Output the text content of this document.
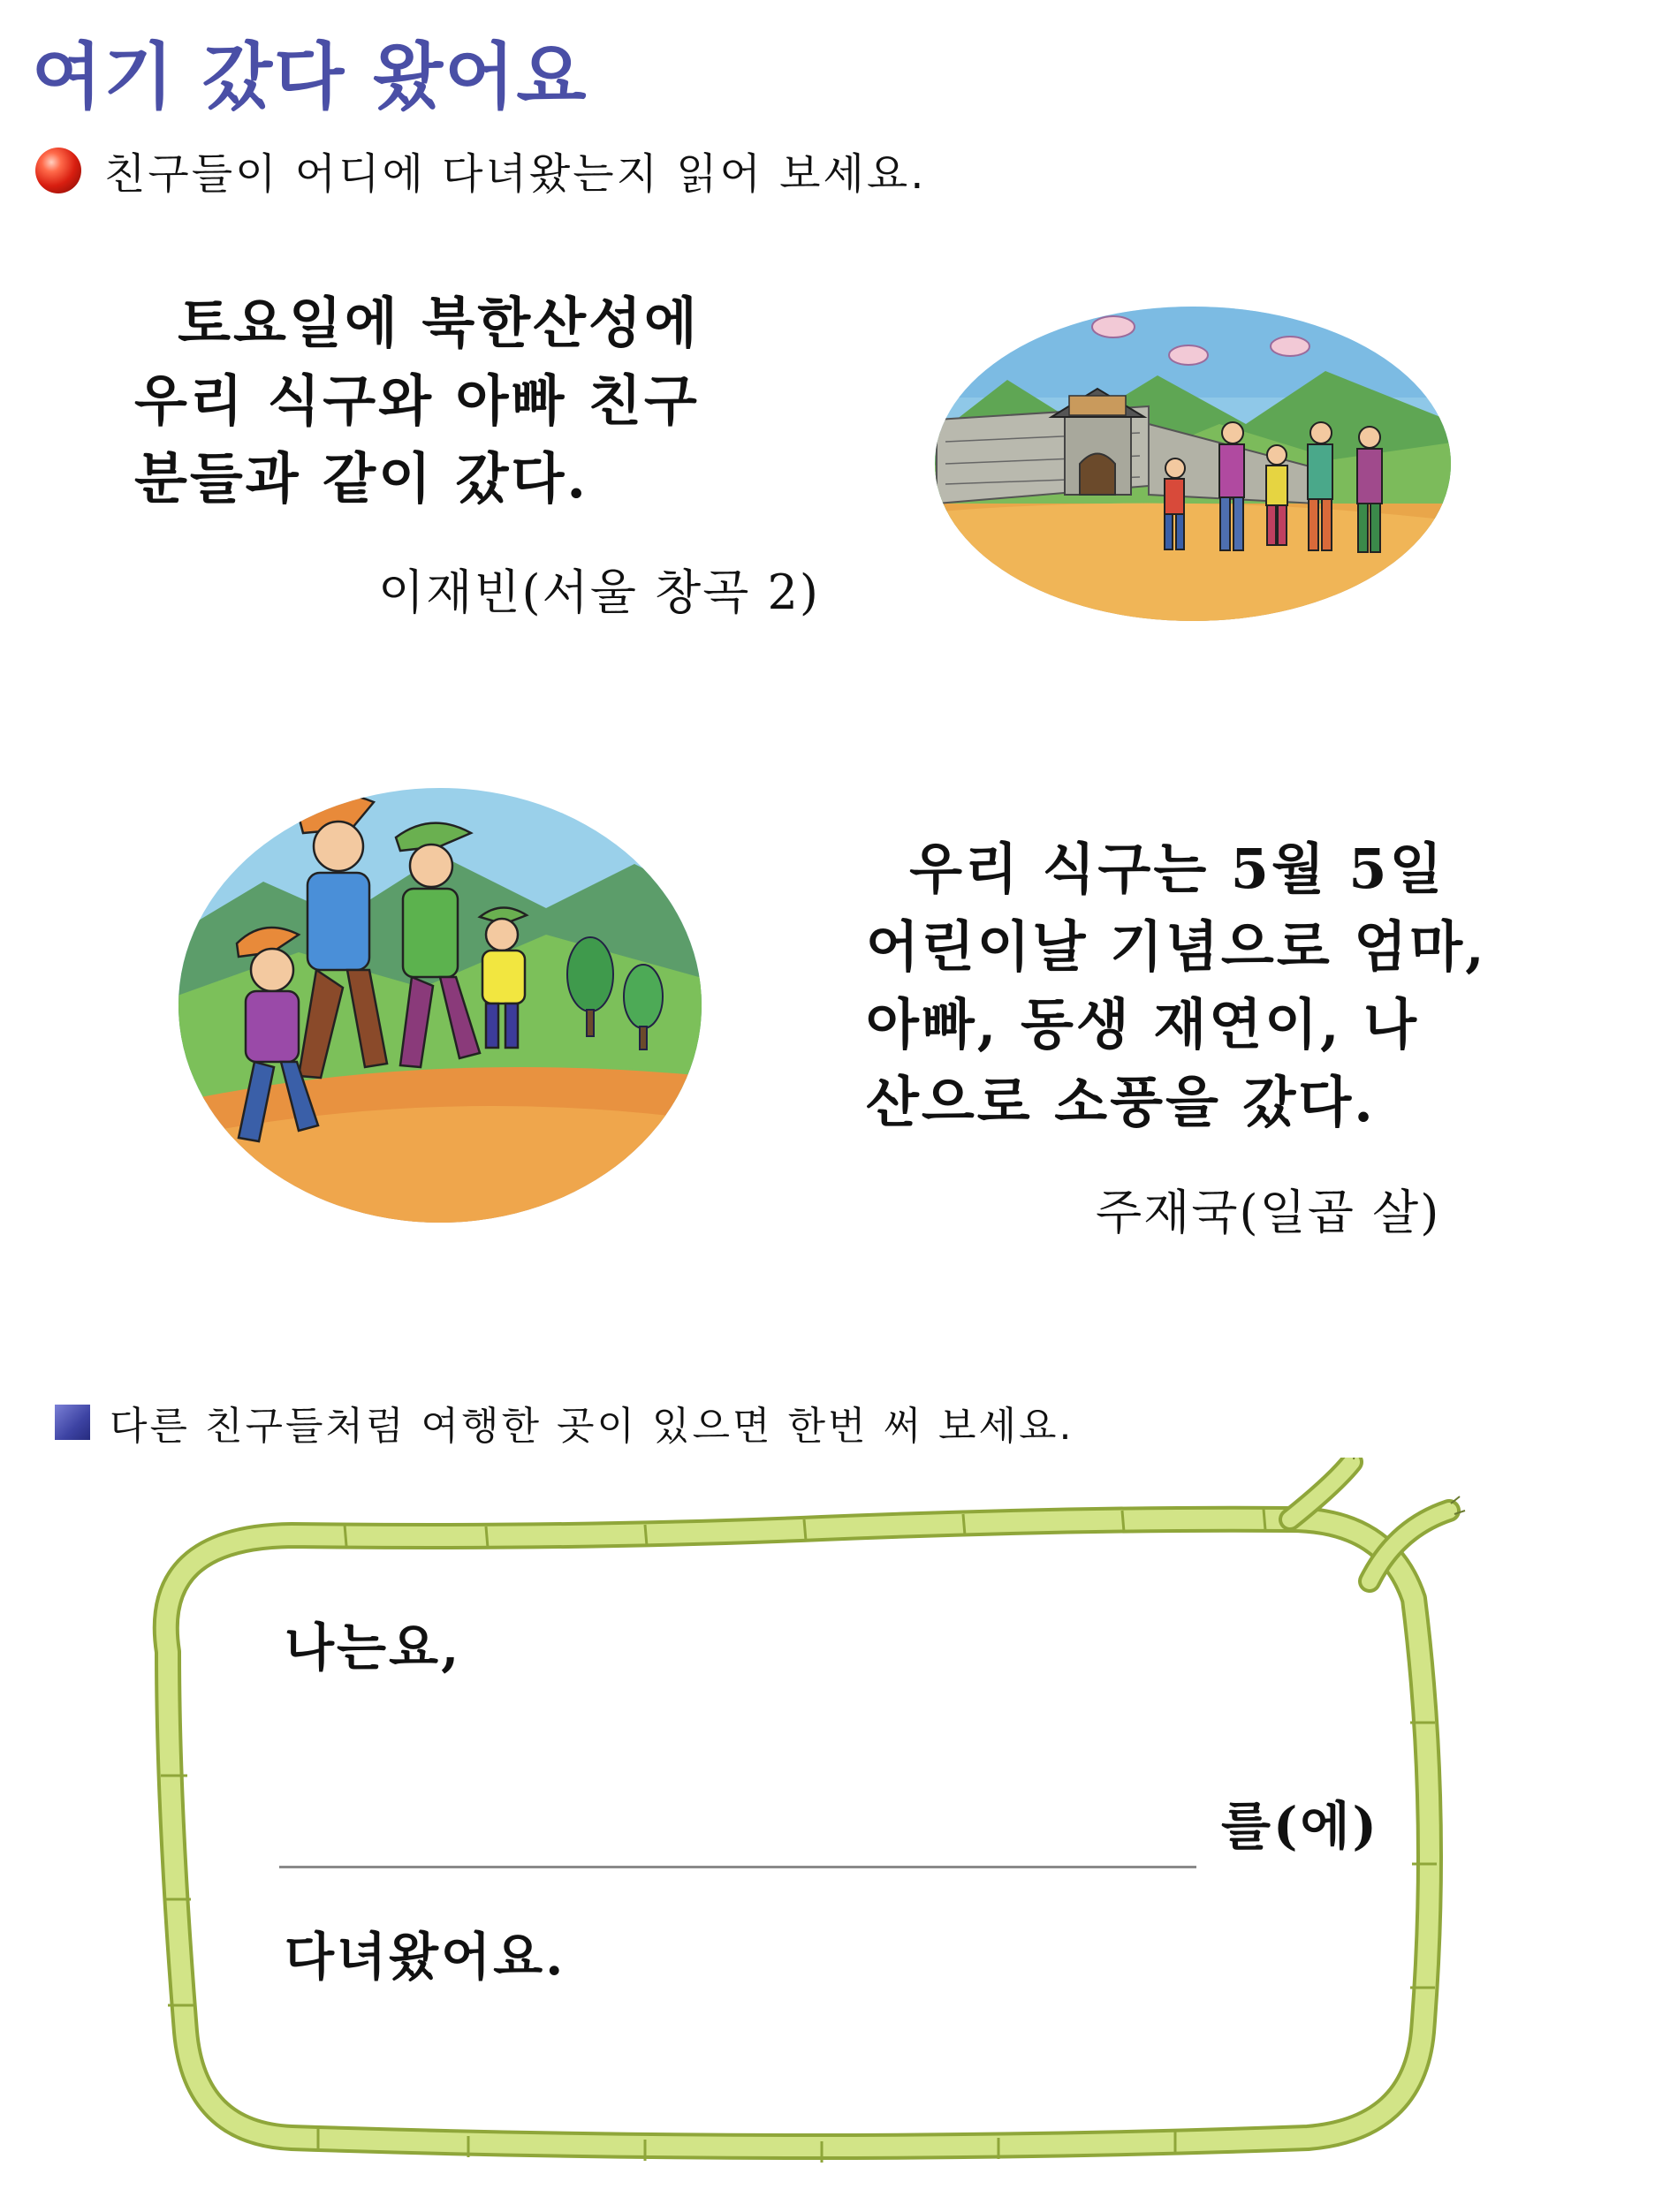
여기 갔다 왔어요
친구들이 어디에 다녀왔는지 읽어 보세요.
토요일에 북한산성에
우리 식구와 아빠 친구
분들과 같이 갔다.
이재빈(서울 창곡 2)
우리 식구는 5월 5일
어린이날 기념으로 엄마,
아빠, 동생 재연이, 나
산으로 소풍을 갔다.
주재국(일곱 살)
다른 친구들처럼 여행한 곳이 있으면 한번 써 보세요.
나는요,
를(에)
다녀왔어요.
